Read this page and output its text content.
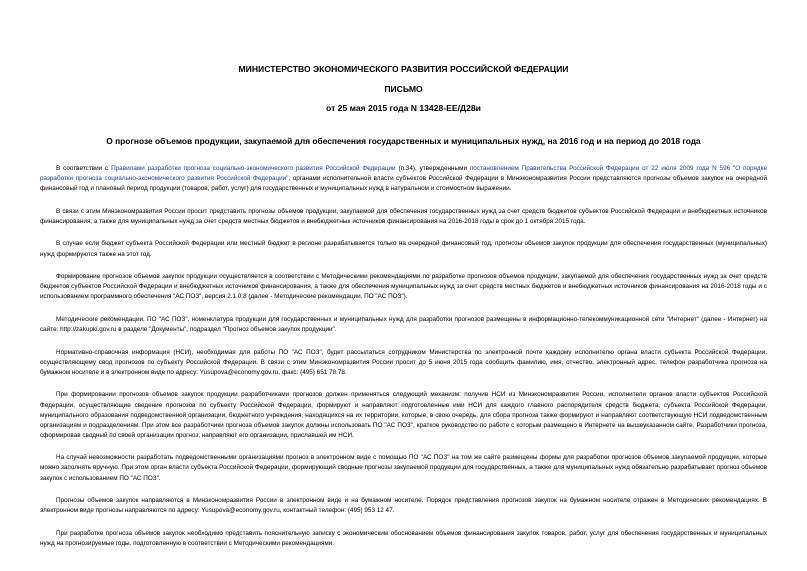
МИНИСТЕРСТВО ЭКОНОМИЧЕСКОГО РАЗВИТИЯ РОССИЙСКОЙ ФЕДЕРАЦИИ
ПИСЬМО
от 25 мая 2015 года N 13428-ЕЕ/Д28и
О прогнозе объемов продукции, закупаемой для обеспечения государственных и муниципальных нужд, на 2016 год и на период до 2018 года

В соответствии с Правилами разработки прогноза социально-экономического развития Российской Федерации (п.34), утвержденными постановлением Правительства Российской Федерации от 22 июля 2009 года N 596 "О порядке разработки прогноза социально-экономического развития Российской Федерации", органами исполнительной власти субъектов Российской Федерации в Минэкономразвития России представляются прогнозы объемов закупок на очередной финансовый год и плановый период продукции (товаров, работ, услуг) для государственных и муниципальных нужд в натуральном и стоимостном выражении.

В связи с этим Минэкономразвития России просит представить прогнозы объемов продукции, закупаемой для обеспечения государственных нужд за счет средств бюджетов субъектов Российской Федерации и внебюджетных источников финансирования, а также для муниципальных нужд за счет средств местных бюджетов и внебюджетных источников финансирования на 2016-2018 годы в срок до 1 октября 2015 года.

В случае если бюджет субъекта Российской Федерации или местный бюджет в регионе разрабатывается только на очередной финансовый год, прогнозы объемов закупок продукции для обеспечения государственных (муниципальных) нужд формируются также на этот год.

Формирование прогнозов объемов закупок продукции осуществляется в соответствии с Методическими рекомендациями по разработке прогнозов объемов продукции, закупаемой для обеспечения государственных нужд за счет средств бюджетов субъектов Российской Федерации и внебюджетных источников финансирования, а также для обеспечения муниципальных нужд за счет средств местных бюджетов и внебюджетных источников финансирования на 2016-2018 годы и с использованием программного обеспечения "АС ПОЗ", версия 2.1.0.8 (далее - Методические рекомендации, ПО "АС ПОЗ").

Методические рекомендации, ПО "АС ПОЗ", номенклатура продукции для государственных и муниципальных нужд для разработки прогнозов размещены в информационно-телекоммуникационной сети "Интернет" (далее - Интернет) на сайте: http://zakupki.gov.ru в разделе "Документы", подраздел "Прогноз объемов закупок продукции".

Нормативно-справочная информация (НСИ), необходимая для работы ПО "АС ПОЗ", будет рассылаться сотрудником Министерства по электронной почте каждому исполнителю органа власти субъекта Российской Федерации, осуществляющему свод прогнозов по субъекту Российской Федерации. В связи с этим Минэкономразвития России просит до 5 июня 2015 года сообщить фамилию, имя, отчество, электронный адрес, телефон разработчика прогноза на бумажном носителе и в электронном виде по адресу: Yusupova@economy.gov.ru, факс: (495) 651 78 78.

При формировании прогнозов объемов закупок продукции разработчиками прогнозов должен применяться следующий механизм: получив НСИ из Минэкономразвития России, исполнители органов власти субъектов Российской Федерации, осуществляющие сведение прогнозов по субъекту Российской Федерации, формируют и направляют подготовленные ими НСИ для каждого главного распорядителя средств бюджета, субъекта Российской Федерации, муниципального образования подведомственной организации, бюджетного учреждения, находящихся на их территории, которые, в свою очередь, для сбора прогноза также формируют и направляют соответствующую НСИ подведомственным организациям и подразделениям. При этом все разработчики прогноза объемов закупок должны использовать ПО "АС ПОЗ", краткое руководство по работе с которым размещено в Интернете на вышеуказанном сайте. Разработчики прогноза, сформировав сводный по своей организации прогноз, направляют его организации, приславшей им НСИ.

На случай невозможности разработать подведомственными организациями прогноз в электронном виде с помощью ПО "АС ПОЗ" на том же сайте размещены формы для разработки прогнозов объемов закупаемой продукции, которые можно заполнять вручную. При этом орган власти субъекта Российской Федерации, формирующий сводные прогнозы закупаемой продукции для государственных, а также для муниципальных нужд обязательно разрабатывает прогноз объемов закупок с использованием ПО "АС ПОЗ".

Прогнозы объемов закупок направляются в Минэкономразвития России в электронном виде и на бумажном носителе. Порядок представления прогнозов закупок на бумажном носителе отражен в Методических рекомендациях. В электронном виде прогнозы направляются по адресу: Yusupova@economy.gov.ru, контактный телефон: (495) 953 12 47.

При разработке прогноза объемов закупок необходимо представить пояснительную записку с экономическим обоснованием объемов финансирования закупок товаров, работ, услуг для обеспечения государственных и муниципальных нужд на прогнозируемые годы, подготовленную в соответствии с Методическими рекомендациями.
